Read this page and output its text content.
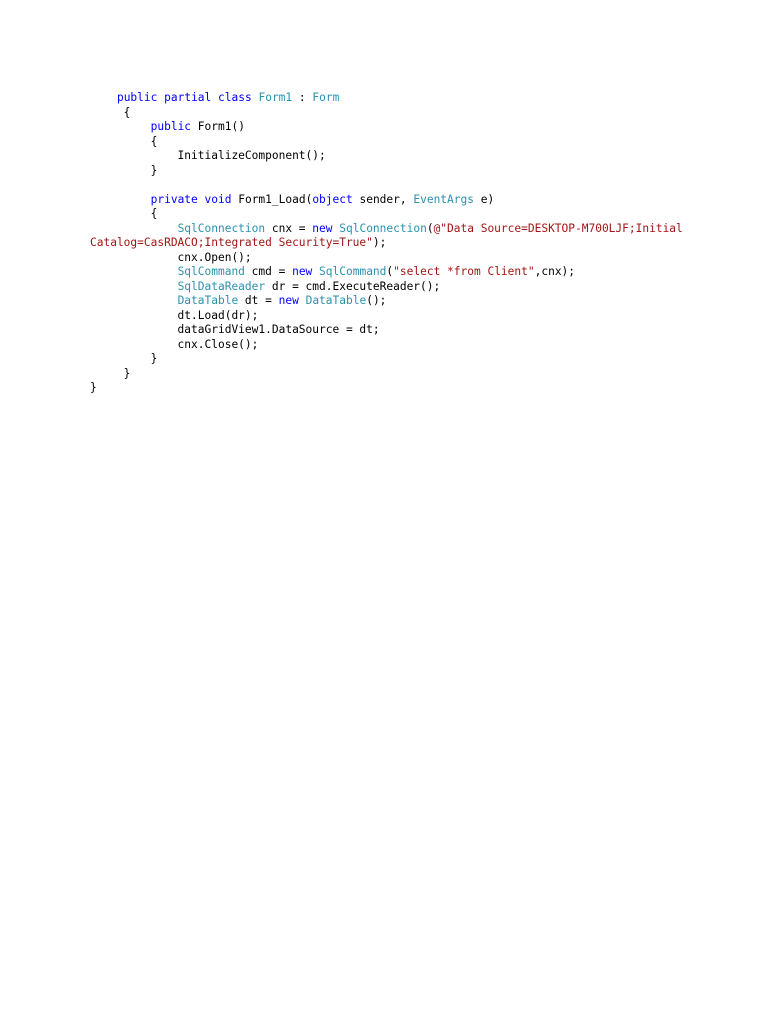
public partial class Form1 : Form
{
public Form1()
{
InitializeComponent();
}
private void Form1_Load(object sender, EventArgs e)
{
SqlConnection cnx = new SqlConnection(@"Data Source=DESKTOP-M700LJF;Initial
Catalog=CasRDACO;Integrated Security=True");
cnx.Open();
SqlCommand cmd = new SqlCommand("select *from Client",cnx);
SqlDataReader dr = cmd.ExecuteReader();
DataTable dt = new DataTable();
dt.Load(dr);
dataGridView1.DataSource = dt;
cnx.Close();
}
}
}
